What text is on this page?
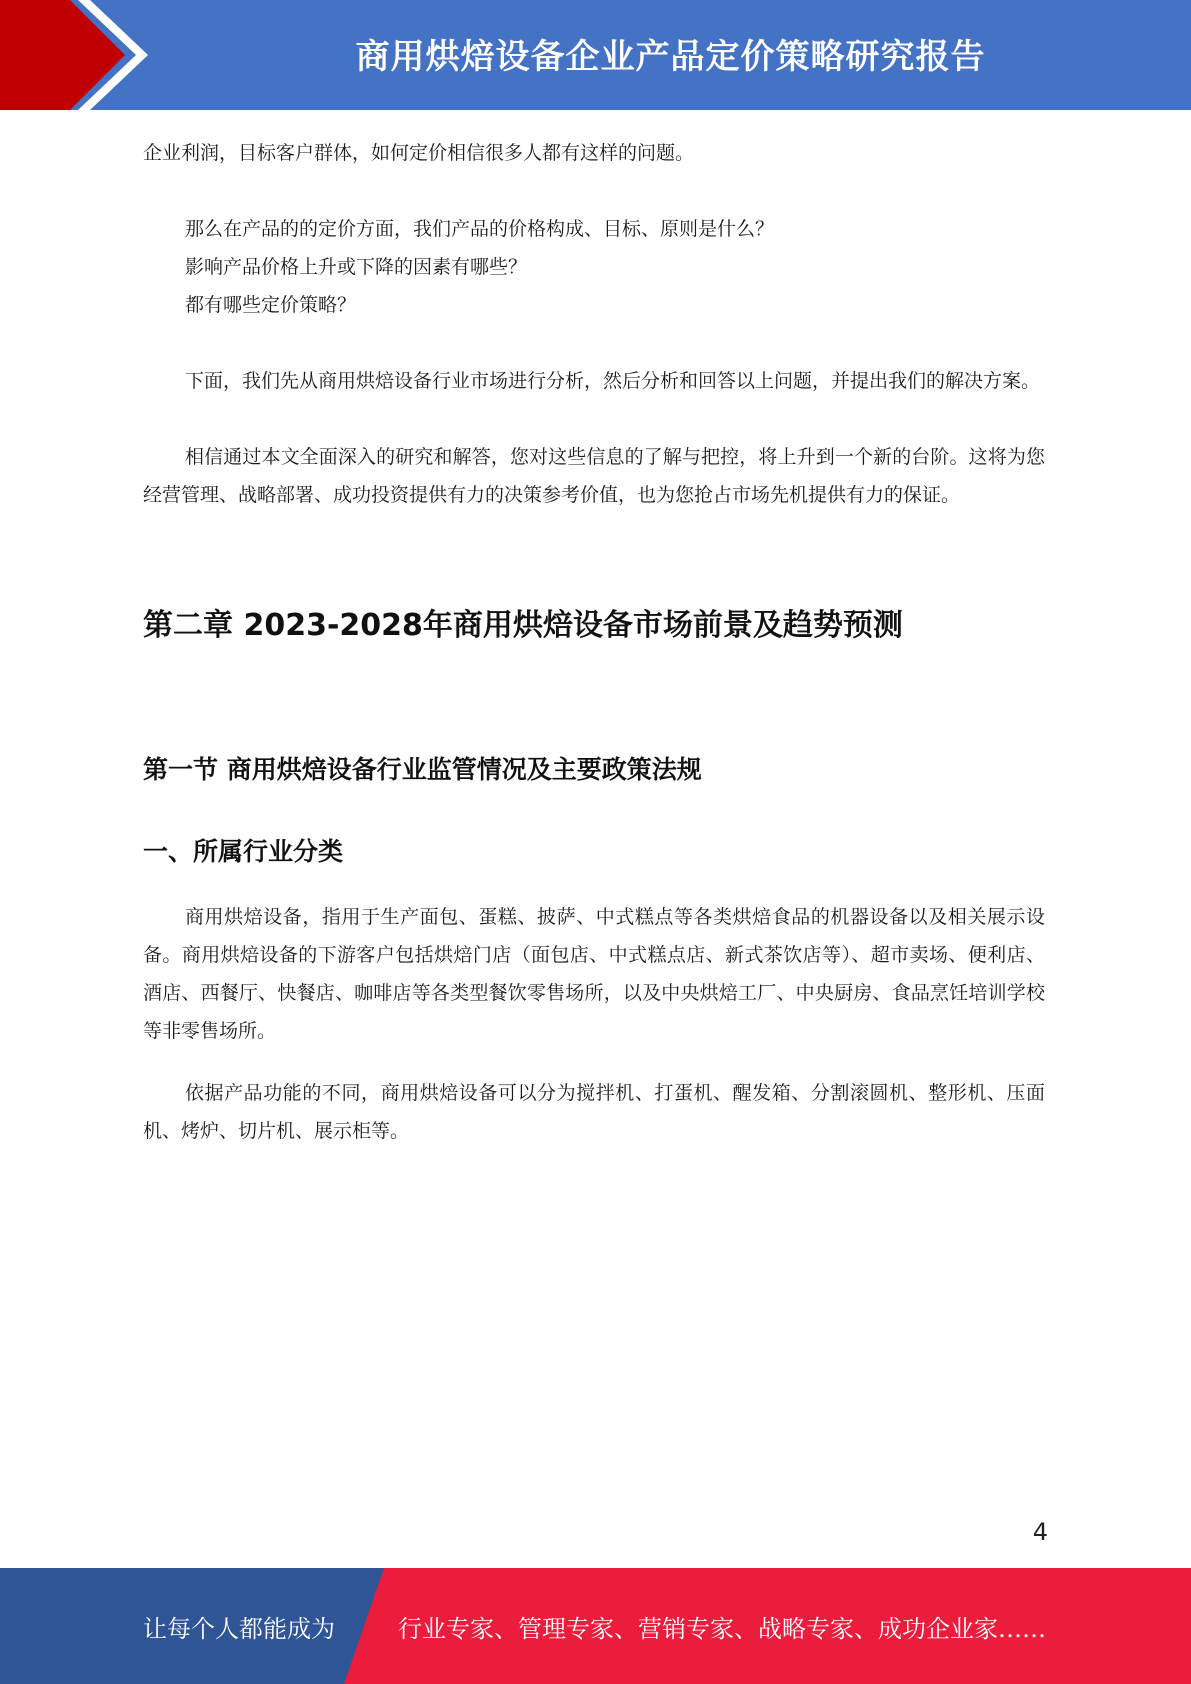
商用烘焙设备企业产品定价策略研究报告

企业利润，目标客户群体，如何定价相信很多人都有这样的问题。

那么在产品的的定价方面，我们产品的价格构成、目标、原则是什么？

影响产品价格上升或下降的因素有哪些？

都有哪些定价策略？

下面，我们先从商用烘焙设备行业市场进行分析，然后分析和回答以上问题，并提出我们的解决方案。

相信通过本文全面深入的研究和解答，您对这些信息的了解与把控，将上升到一个新的台阶。这将为您经营管理、战略部署、成功投资提供有力的决策参考价值，也为您抢占市场先机提供有力的保证。

第二章 2023-2028年商用烘焙设备市场前景及趋势预测
第一节 商用烘焙设备行业监管情况及主要政策法规
一、所属行业分类

商用烘焙设备，指用于生产面包、蛋糕、披萨、中式糕点等各类烘焙食品的机器设备以及相关展示设备。商用烘焙设备的下游客户包括烘焙门店（面包店、中式糕点店、新式茶饮店等）、超市卖场、便利店、酒店、西餐厅、快餐店、咖啡店等各类型餐饮零售场所，以及中央烘焙工厂、中央厨房、食品烹饪培训学校等非零售场所。

依据产品功能的不同，商用烘焙设备可以分为搅拌机、打蛋机、醒发箱、分割滚圆机、整形机、压面机、烤炉、切片机、展示柜等。

4
让每个人都能成为	行业专家、管理专家、营销专家、战略专家、成功企业家……
